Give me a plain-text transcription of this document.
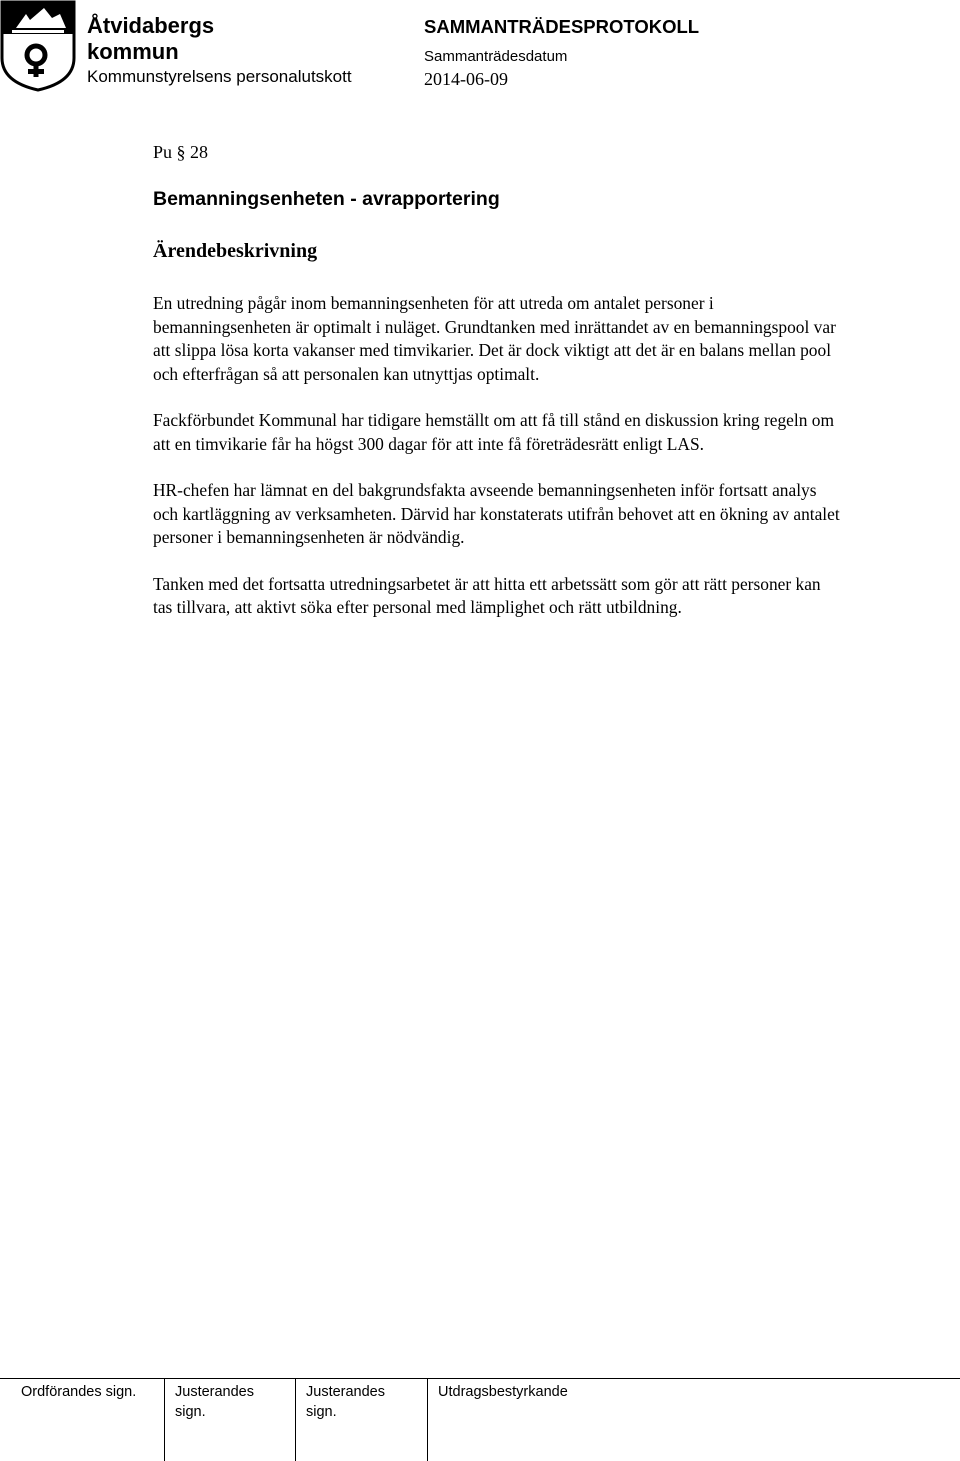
Åtvidabergs
kommun
Kommunstyrelsens personalutskott
SAMMANTRÄDESPROTOKOLL
Sammanträdesdatum
2014-06-09

Pu § 28

Bemanningsenheten - avrapportering
Ärendebeskrivning

En utredning pågår inom bemanningsenheten för att utreda om antalet personer i bemanningsenheten är optimalt i nuläget. Grundtanken med inrättandet av en bemanningspool var att slippa lösa korta vakanser med timvikarier. Det är dock viktigt att det är en balans mellan pool och efterfrågan så att personalen kan utnyttjas optimalt.

Fackförbundet Kommunal har tidigare hemställt om att få till stånd en diskussion kring regeln om att en timvikarie får ha högst 300 dagar för att inte få företrädesrätt enligt LAS.

HR-chefen har lämnat en del bakgrundsfakta avseende bemanningsenheten inför fortsatt analys och kartläggning av verksamheten. Därvid har konstaterats utifrån behovet att en ökning av antalet personer i bemanningsenheten är nödvändig.

Tanken med det fortsatta utredningsarbetet är att hitta ett arbetssätt som gör att rätt personer kan tas tillvara, att aktivt söka efter personal med lämplighet och rätt utbildning.

Ordförandes sign.	Justerandes sign.
Justerandes sign.
Utdragsbestyrkande
